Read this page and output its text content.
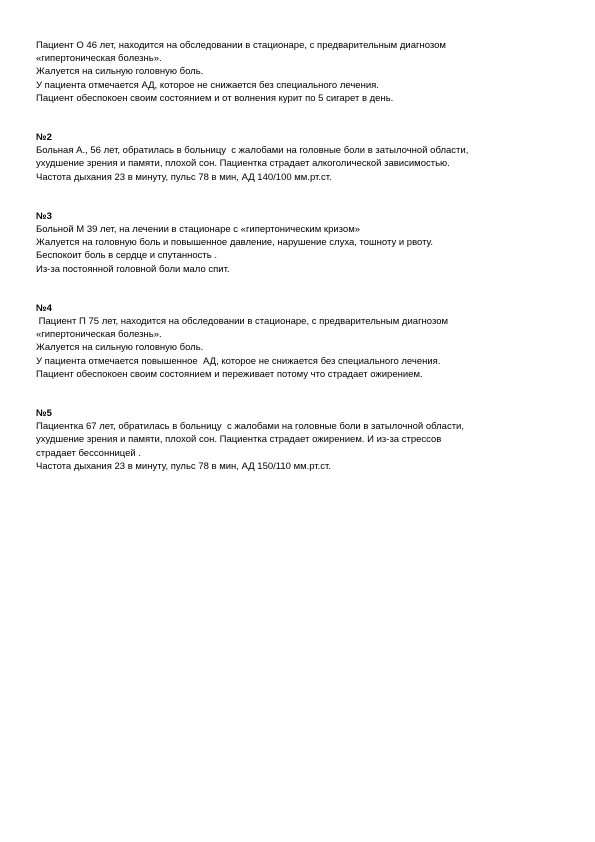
Пациент О 46 лет, находится на обследовании в стационаре, с предварительным диагнозом
«гипертоническая болезнь».
Жалуется на сильную головную боль.
У пациента отмечается АД, которое не снижается без специального лечения.
Пациент обеспокоен своим состоянием и от волнения курит по 5 сигарет в день.
№2
Больная А., 56 лет, обратилась в больницу  с жалобами на головные боли в затылочной области,
ухудшение зрения и памяти, плохой сон. Пациентка страдает алкоголической зависимостью.
Частота дыхания 23 в минуту, пульс 78 в мин, АД 140/100 мм.рт.ст.
№3
Больной М 39 лет, на лечении в стационаре с «гипертоническим кризом»
Жалуется на головную боль и повышенное давление, нарушение слуха, тошноту и рвоту.
Беспокоит боль в сердце и спутанность .
Из-за постоянной головной боли мало спит.
№4
Пациент П 75 лет, находится на обследовании в стационаре, с предварительным диагнозом
«гипертоническая болезнь».
Жалуется на сильную головную боль.
У пациента отмечается повышенное  АД, которое не снижается без специального лечения.
Пациент обеспокоен своим состоянием и переживает потому что страдает ожирением.
№5
Пациентка 67 лет, обратилась в больницу  с жалобами на головные боли в затылочной области,
ухудшение зрения и памяти, плохой сон. Пациентка страдает ожирением. И из-за стрессов
страдает бессонницей .
Частота дыхания 23 в минуту, пульс 78 в мин, АД 150/110 мм.рт.ст.
